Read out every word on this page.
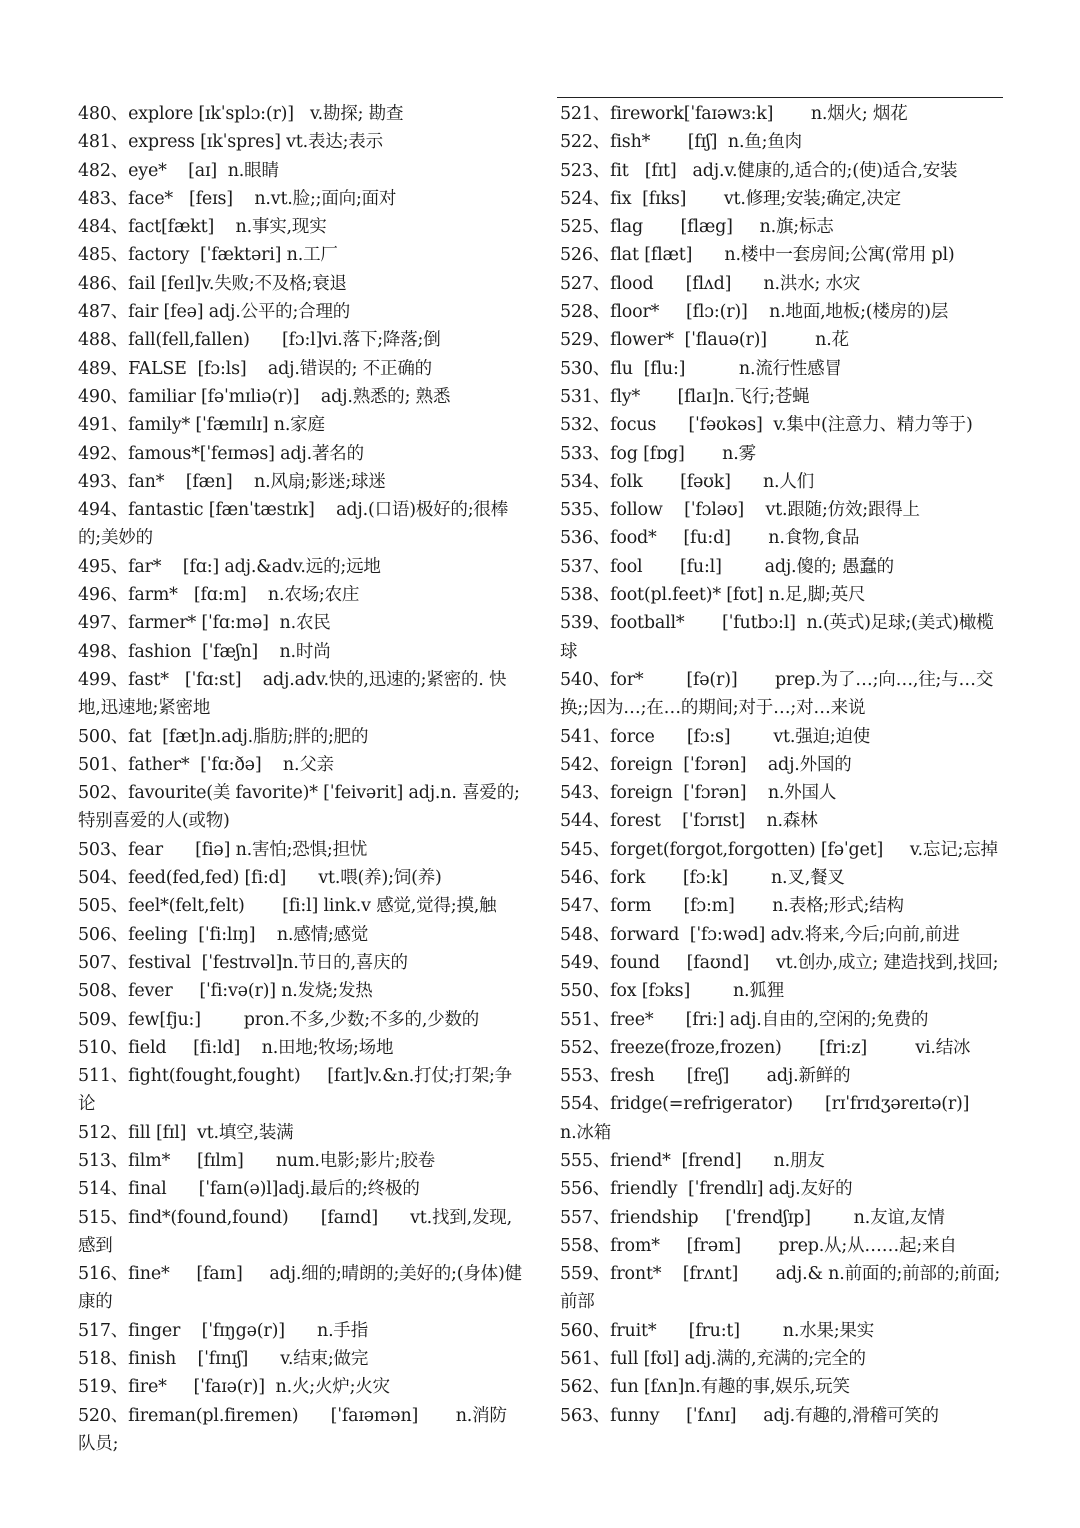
480、explore [ɪkˈsplɔ:(r)]   v.勘探; 勘查

481、express [ɪkˈspres] vt.表达;表示

482、eye*    [aɪ]  n.眼睛

483、face*   [feɪs]    n.vt.脸;;面向;面对

484、fact[fækt]    n.事实,现实

485、factory  [ˈfæktəri] n.工厂

486、fail [feɪl]v.失败;不及格;衰退

487、fair [feə] adj.公平的;合理的

488、fall(fell,fallen)      [fɔ:l]vi.落下;降落;倒

489、FALSE  [fɔ:ls]    adj.错误的; 不正确的

490、familiar [fəˈmɪliə(r)]    adj.熟悉的; 熟悉

491、family* [ˈfæmɪlɪ] n.家庭

492、famous*[ˈfeɪməs] adj.著名的

493、fan*    [fæn]    n.风扇;影迷;球迷

494、fantastic [fænˈtæstɪk]    adj.(口语)极好的;很棒的;美妙的

495、far*    [fɑ:] adj.&adv.远的;远地

496、farm*   [fɑ:m]    n.农场;农庄

497、farmer* [ˈfɑ:mə]  n.农民

498、fashion  [ˈfæʃn]    n.时尚

499、fast*   [ˈfɑ:st]    adj.adv.快的,迅速的;紧密的. 快地,迅速地;紧密地

500、fat  [fæt]n.adj.脂肪;胖的;肥的

501、father*  [ˈfɑ:ðə]    n.父亲

502、favourite(美 favorite)* [ˈfeivərit] adj.n. 喜爱的;特别喜爱的人(或物)

503、fear      [fiə] n.害怕;恐惧;担忧

504、feed(fed,fed) [fi:d]      vt.喂(养);饲(养)

505、feel*(felt,felt)       [fi:l] link.v 感觉,觉得;摸,触

506、feeling  [ˈfi:lɪŋ]    n.感情;感觉

507、festival  [ˈfestɪvəl]n.节日的,喜庆的

508、fever     [ˈfi:və(r)] n.发烧;发热

509、few[fju:]        pron.不多,少数;不多的,少数的

510、field     [fi:ld]    n.田地;牧场;场地

511、fight(fought,fought)     [faɪt]v.&n.打仗;打架;争论

512、fill [fɪl]  vt.填空,装满

513、film*     [fɪlm]      num.电影;影片;胶卷

514、final      [ˈfaɪn(ə)l]adj.最后的;终极的

515、find*(found,found)      [faɪnd]      vt.找到,发现,感到

516、fine*     [faɪn]     adj.细的;晴朗的;美好的;(身体)健康的

517、finger    [ˈfɪŋgə(r)]      n.手指

518、finish    [ˈfɪnɪʃ]      v.结束;做完

519、fire*     [ˈfaɪə(r)]  n.火;火炉;火灾

520、fireman(pl.firemen)      [ˈfaɪəmən]       n.消防队员;

521、firework[ˈfaɪəwɜ:k]       n.烟火; 烟花

522、fish*       [fɪʃ]  n.鱼;鱼肉

523、fit   [fɪt]   adj.v.健康的,适合的;(使)适合,安装

524、fix  [fɪks]       vt.修理;安装;确定,决定

525、flag       [flæg]     n.旗;标志

526、flat [flæt]      n.楼中一套房间;公寓(常用 pl)

527、flood      [flʌd]      n.洪水; 水灾

528、floor*     [flɔ:(r)]    n.地面,地板;(楼房的)层

529、flower*  [ˈflauə(r)]         n.花

530、flu  [flu:]          n.流行性感冒

531、fly*       [flaɪ]n.飞行;苍蝇

532、focus      [ˈfəʊkəs]  v.集中(注意力、精力等于)

533、fog [fɒg]       n.雾

534、folk       [fəʊk]      n.人们

535、follow    [ˈfɔləʊ]    vt.跟随;仿效;跟得上

536、food*     [fu:d]       n.食物,食品

537、fool       [fu:l]        adj.傻的; 愚蠢的

538、foot(pl.feet)* [fʊt] n.足,脚;英尺

539、football*       [ˈfutbɔ:l]  n.(英式)足球;(美式)橄榄球

540、for*        [fə(r)]       prep.为了…;向…,往;与…交换;;因为…;在…的期间;对于…;对…来说

541、force      [fɔ:s]        vt.强迫;迫使

542、foreign  [ˈfɔrən]    adj.外国的

543、foreign  [ˈfɔrən]    n.外国人

544、forest    [ˈfɔrɪst]    n.森林

545、forget(forgot,forgotten) [fəˈget]     v.忘记;忘掉

546、fork       [fɔ:k]        n.叉,餐叉

547、form      [fɔ:m]       n.表格;形式;结构

548、forward  [ˈfɔ:wəd] adv.将来,今后;向前,前进

549、found     [faʊnd]     vt.创办,成立; 建造找到,找回;

550、fox [fɔks]        n.狐狸

551、free*      [fri:] adj.自由的,空闲的;免费的

552、freeze(froze,frozen)       [fri:z]         vi.结冰

553、fresh      [freʃ]       adj.新鲜的

554、fridge(=refrigerator)      [rɪˈfrɪdʒəreɪtə(r)]       n.冰箱

555、friend*  [frend]      n.朋友

556、friendly  [ˈfrendlɪ] adj.友好的

557、friendship     [ˈfrendʃɪp]        n.友谊,友情

558、from*     [frəm]       prep.从;从……起;来自

559、front*    [frʌnt]       adj.& n.前面的;前部的;前面;前部

560、fruit*      [fru:t]        n.水果;果实

561、full [fʊl] adj.满的,充满的;完全的

562、fun [fʌn]n.有趣的事,娱乐,玩笑

563、funny     [ˈfʌnɪ]     adj.有趣的,滑稽可笑的
